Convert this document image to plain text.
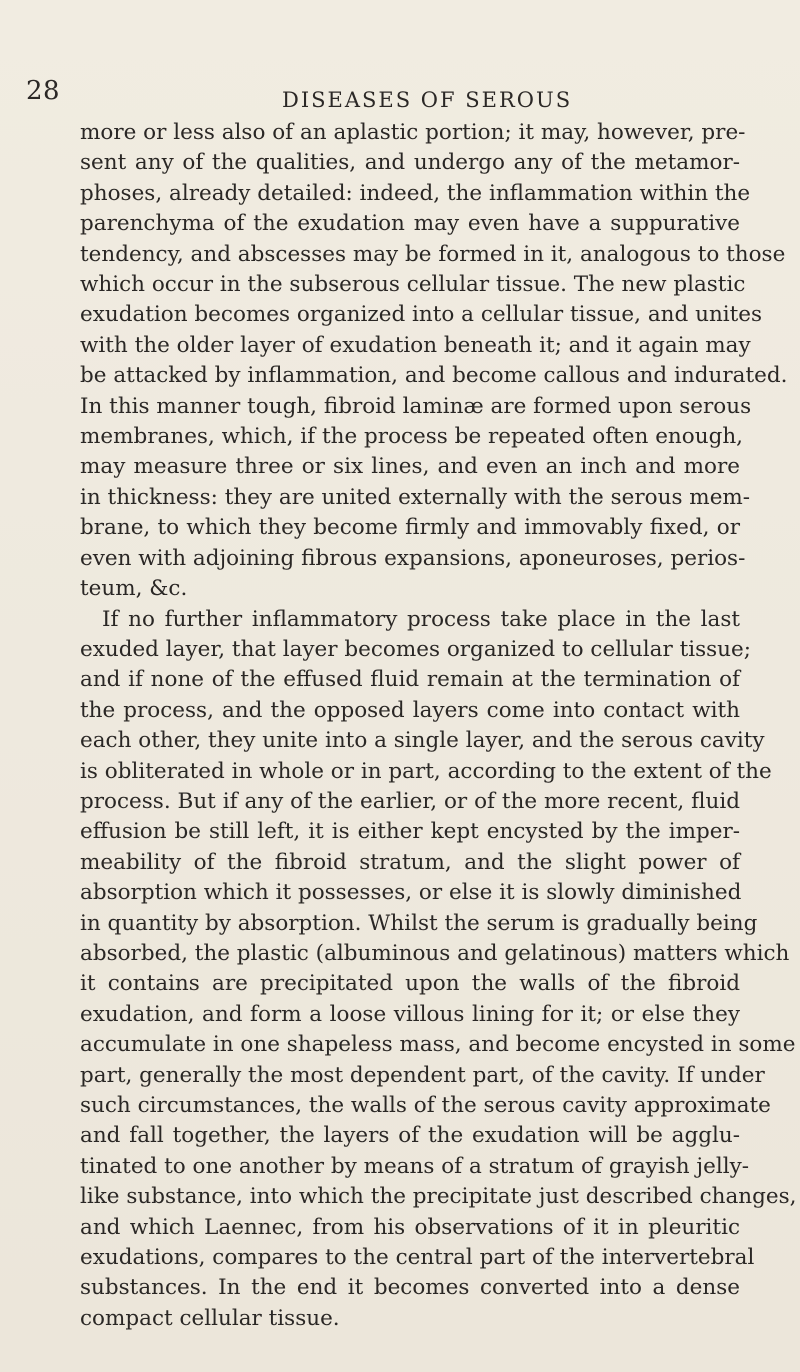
28	DISEASES OF SEROUS
more or less also of an aplastic portion; it may, however, pre-
sent any of the qualities, and undergo any of the metamor-
phoses, already detailed: indeed, the inflammation within the
parenchyma of the exudation may even have a suppurative
tendency, and abscesses may be formed in it, analogous to those
which occur in the subserous cellular tissue. The new plastic
exudation becomes organized into a cellular tissue, and unites
with the older layer of exudation beneath it; and it again may
be attacked by inflammation, and become callous and indurated.
In this manner tough, fibroid laminæ are formed upon serous
membranes, which, if the process be repeated often enough,
may measure three or six lines, and even an inch and more
in thickness: they are united externally with the serous mem-
brane, to which they become firmly and immovably fixed, or
even with adjoining fibrous expansions, aponeuroses, perios-
teum, &c.
If no further inflammatory process take place in the last
exuded layer, that layer becomes organized to cellular tissue;
and if none of the effused fluid remain at the termination of
the process, and the opposed layers come into contact with
each other, they unite into a single layer, and the serous cavity
is obliterated in whole or in part, according to the extent of the
process. But if any of the earlier, or of the more recent, fluid
effusion be still left, it is either kept encysted by the imper-
meability of the fibroid stratum, and the slight power of
absorption which it possesses, or else it is slowly diminished
in quantity by absorption. Whilst the serum is gradually being
absorbed, the plastic (albuminous and gelatinous) matters which
it contains are precipitated upon the walls of the fibroid
exudation, and form a loose villous lining for it; or else they
accumulate in one shapeless mass, and become encysted in some
part, generally the most dependent part, of the cavity. If under
such circumstances, the walls of the serous cavity approximate
and fall together, the layers of the exudation will be agglu-
tinated to one another by means of a stratum of grayish jelly-
like substance, into which the precipitate just described changes,
and which Laennec, from his observations of it in pleuritic
exudations, compares to the central part of the intervertebral
substances. In the end it becomes converted into a dense
compact cellular tissue.
